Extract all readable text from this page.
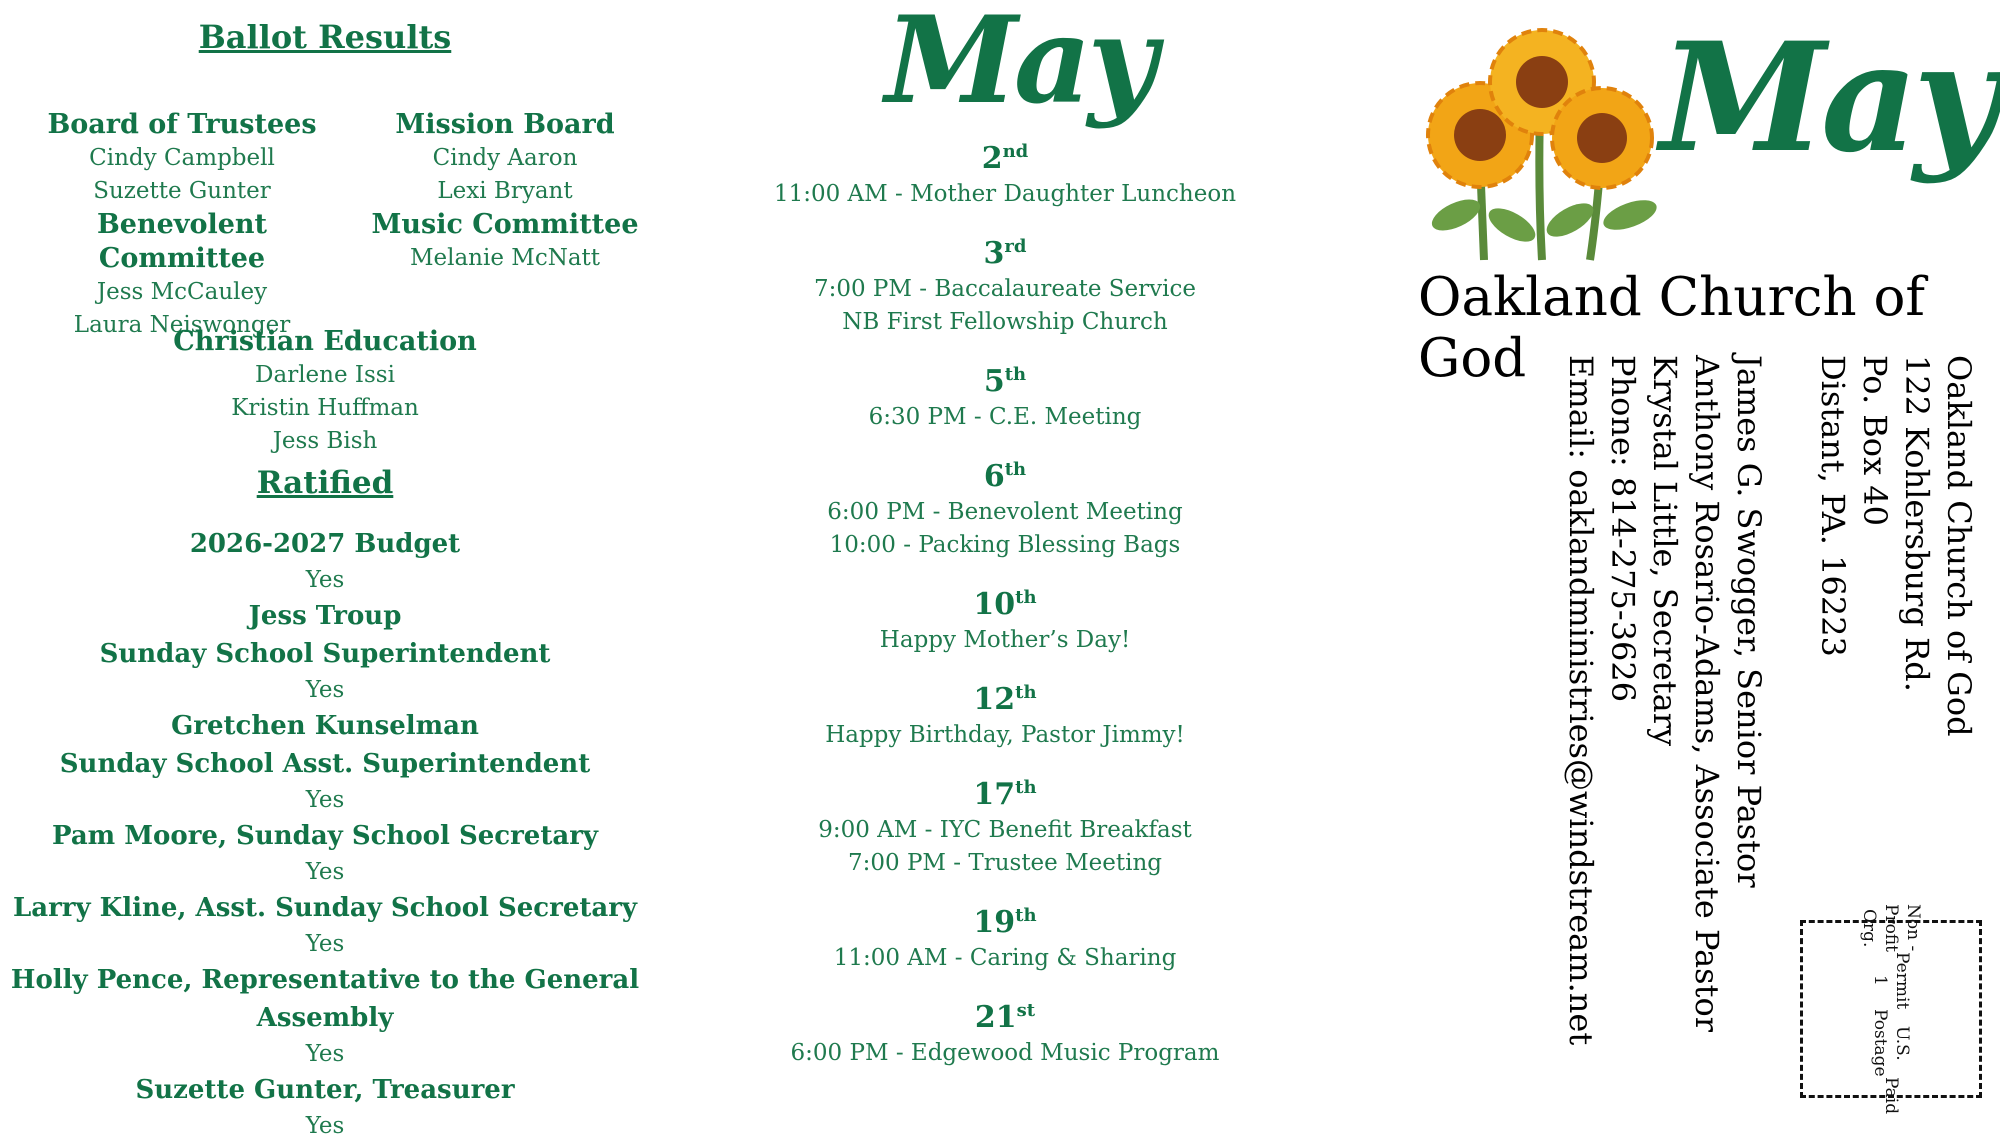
Ballot Results
Board of Trustees
Cindy Campbell
Suzette Gunter
Benevolent Committee
Jess McCauley
Laura Neiswonger
Mission Board
Cindy Aaron
Lexi Bryant
Music Committee
Melanie McNatt
Christian Education
Darlene Issi
Kristin Huffman
Jess Bish
Ratified
2026-2027 Budget
Yes
Jess Troup
Sunday School Superintendent
Yes
Gretchen Kunselman
Sunday School Asst. Superintendent
Yes
Pam Moore, Sunday School Secretary
Yes
Larry Kline, Asst. Sunday School Secretary
Yes
Holly Pence, Representative to the General
Assembly
Yes
Suzette Gunter, Treasurer
Yes
May
2nd
11:00 AM - Mother Daughter Luncheon
3rd
7:00 PM - Baccalaureate Service
NB First Fellowship Church
5th
6:30 PM - C.E. Meeting
6th
6:00 PM - Benevolent Meeting
10:00 - Packing Blessing Bags
10th
Happy Mother’s Day!
12th
Happy Birthday, Pastor Jimmy!
17th
9:00 AM - IYC Benefit Breakfast
7:00 PM - Trustee Meeting
19th
11:00 AM - Caring & Sharing
21st
6:00 PM - Edgewood Music Program
May
Oakland Church of God	Oakland Church of God
122 Kohlersburg Rd.
Po. Box 40
Distant, PA. 16223
James G. Swogger, Senior Pastor
Anthony Rosario-Adams, Associate Pastor
Krystal Little, Secretary
Phone: 814-275-3626
Email: oaklandministries@windstream.net	Non - Profit Org.
Permit 1
U.S. Postage
Paid
